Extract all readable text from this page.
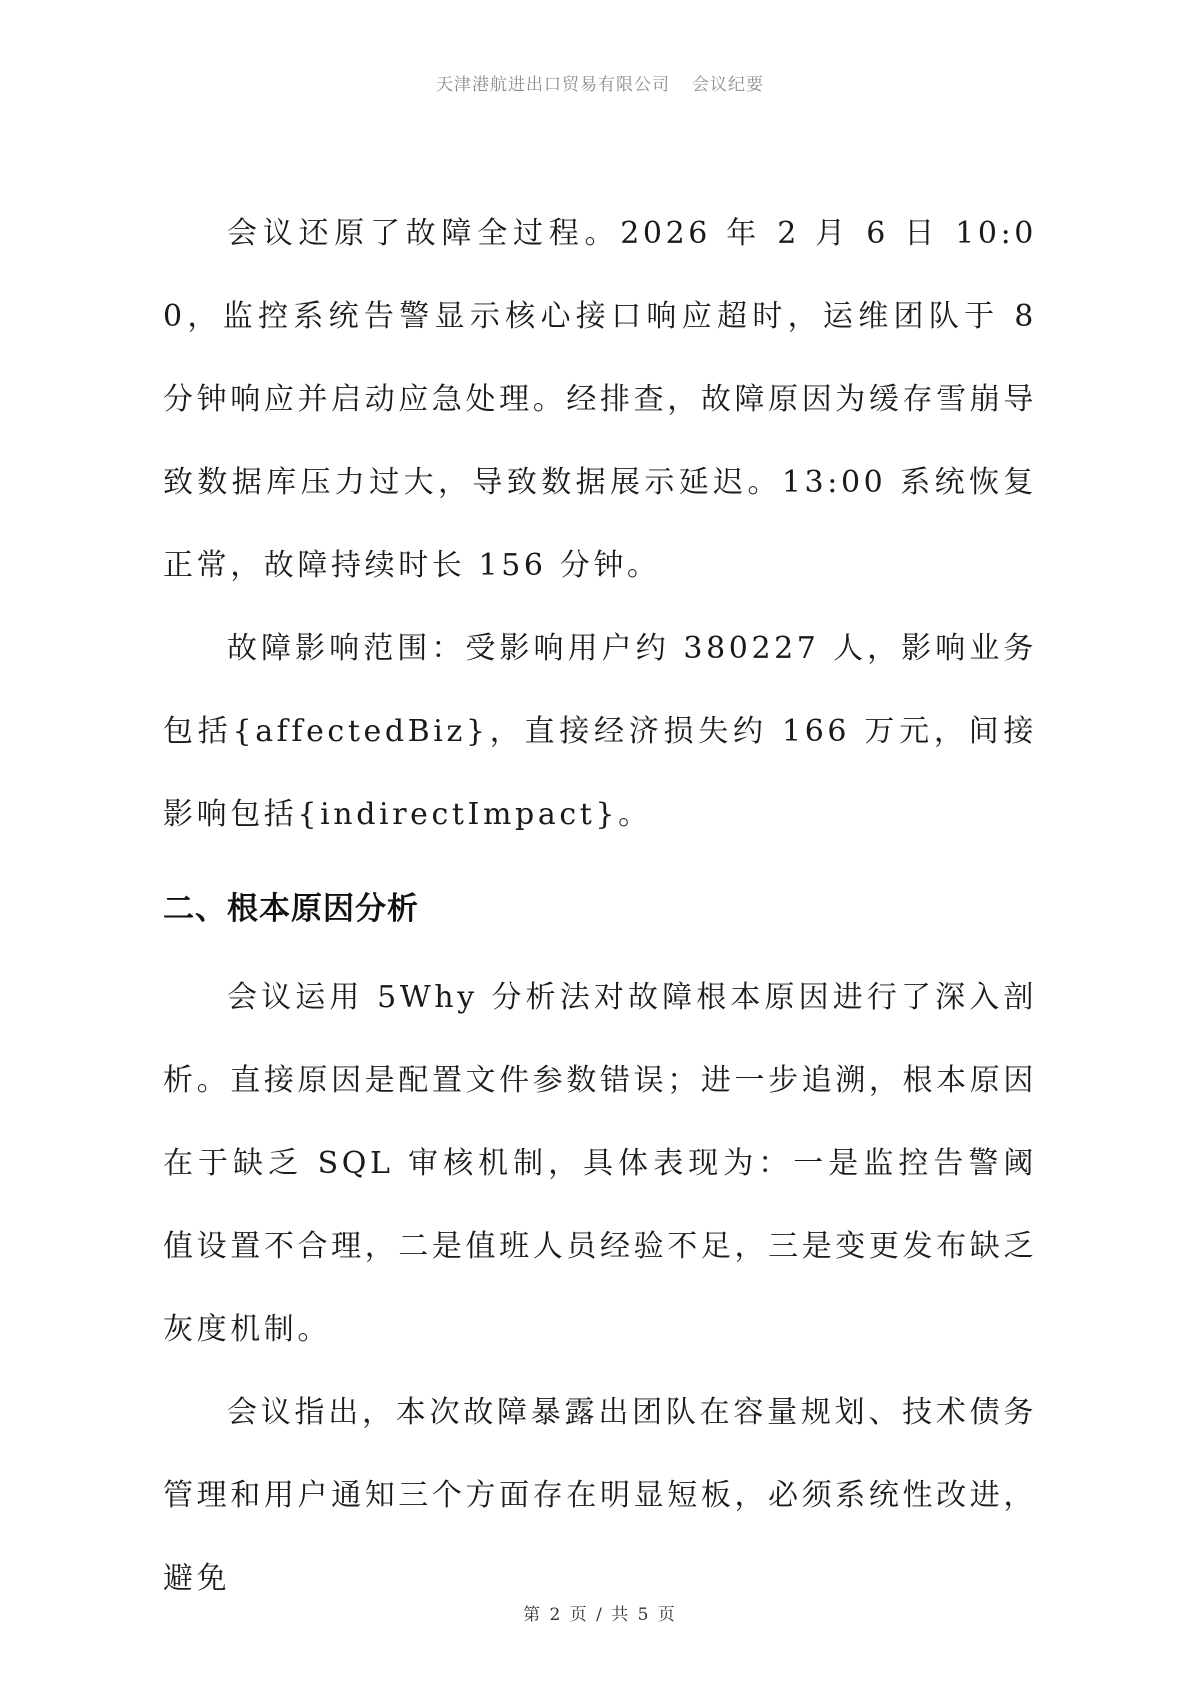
天津港航进出口贸易有限公司 会议纪要

会议还原了故障全过程。2026 年 2 月 6 日 10:00，监控系统告警显示核心接口响应超时，运维团队于 8 分钟响应并启动应急处理。经排查，故障原因为缓存雪崩导致数据库压力过大，导致数据展示延迟。13:00 系统恢复正常，故障持续时长 156 分钟。

故障影响范围：受影响用户约 380227 人，影响业务包括{affectedBiz}，直接经济损失约 166 万元，间接影响包括{indirectImpact}。

二、根本原因分析

会议运用 5Why 分析法对故障根本原因进行了深入剖析。直接原因是配置文件参数错误；进一步追溯，根本原因在于缺乏 SQL 审核机制，具体表现为：一是监控告警阈值设置不合理，二是值班人员经验不足，三是变更发布缺乏灰度机制。

会议指出，本次故障暴露出团队在容量规划、技术债务管理和用户通知三个方面存在明显短板，必须系统性改进，避免

第 2 页 / 共 5 页
